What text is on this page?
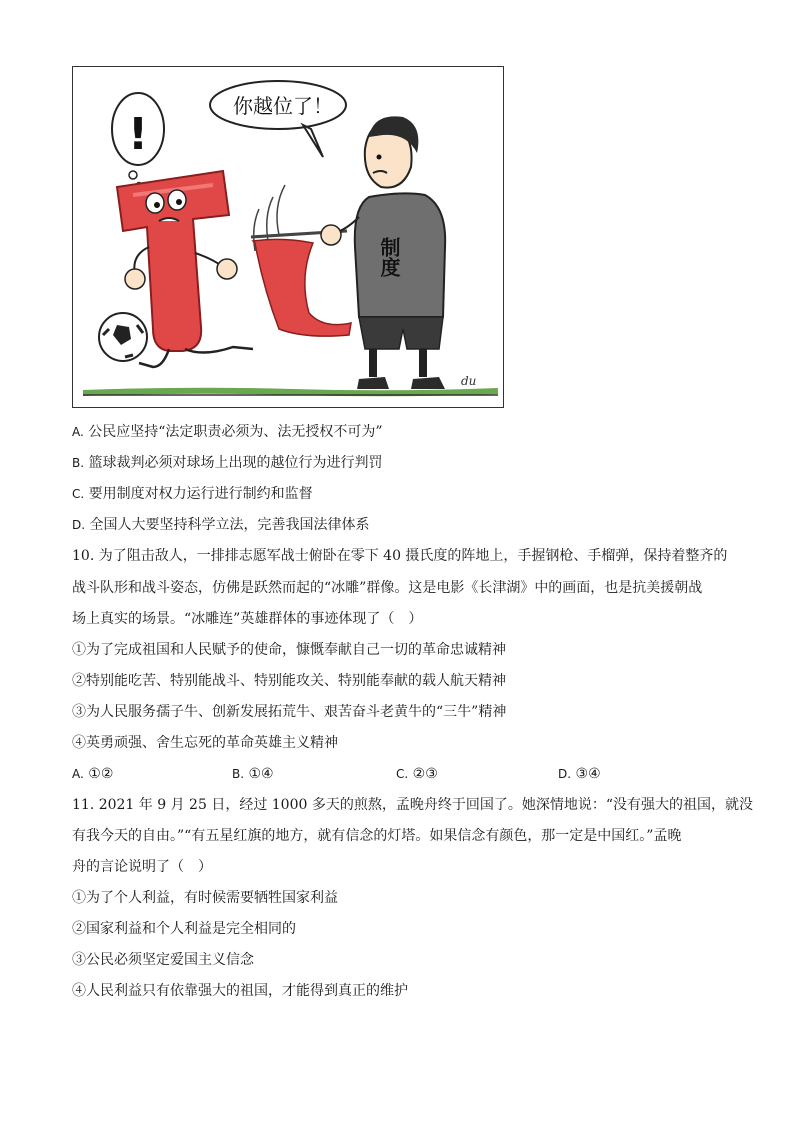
!
你越位了！
制度
du
A. 公民应坚持“法定职责必须为、法无授权不可为”
B. 篮球裁判必须对球场上出现的越位行为进行判罚
C. 要用制度对权力运行进行制约和监督
D. 全国人大要坚持科学立法，完善我国法律体系
10. 为了阻击敌人，一排排志愿军战士俯卧在零下 40 摄氏度的阵地上，手握钢枪、手榴弹，保持着整齐的
战斗队形和战斗姿态，仿佛是跃然而起的“冰雕”群像。这是电影《长津湖》中的画面，也是抗美援朝战
场上真实的场景。“冰雕连”英雄群体的事迹体现了（　）
①为了完成祖国和人民赋予的使命，慷慨奉献自己一切的革命忠诚精神
②特别能吃苦、特别能战斗、特别能攻关、特别能奉献的载人航天精神
③为人民服务孺子牛、创新发展拓荒牛、艰苦奋斗老黄牛的“三牛”精神
④英勇顽强、舍生忘死的革命英雄主义精神
A. ①②	B. ①④	C. ②③	D. ③④
11. 2021 年 9 月 25 日，经过 1000 多天的煎熬，孟晚舟终于回国了。她深情地说：“没有强大的祖国，就没
有我今天的自由。”“有五星红旗的地方，就有信念的灯塔。如果信念有颜色，那一定是中国红。”孟晚
舟的言论说明了（　）
①为了个人利益，有时候需要牺牲国家利益
②国家利益和个人利益是完全相同的
③公民必须坚定爱国主义信念
④人民利益只有依靠强大的祖国，才能得到真正的维护
